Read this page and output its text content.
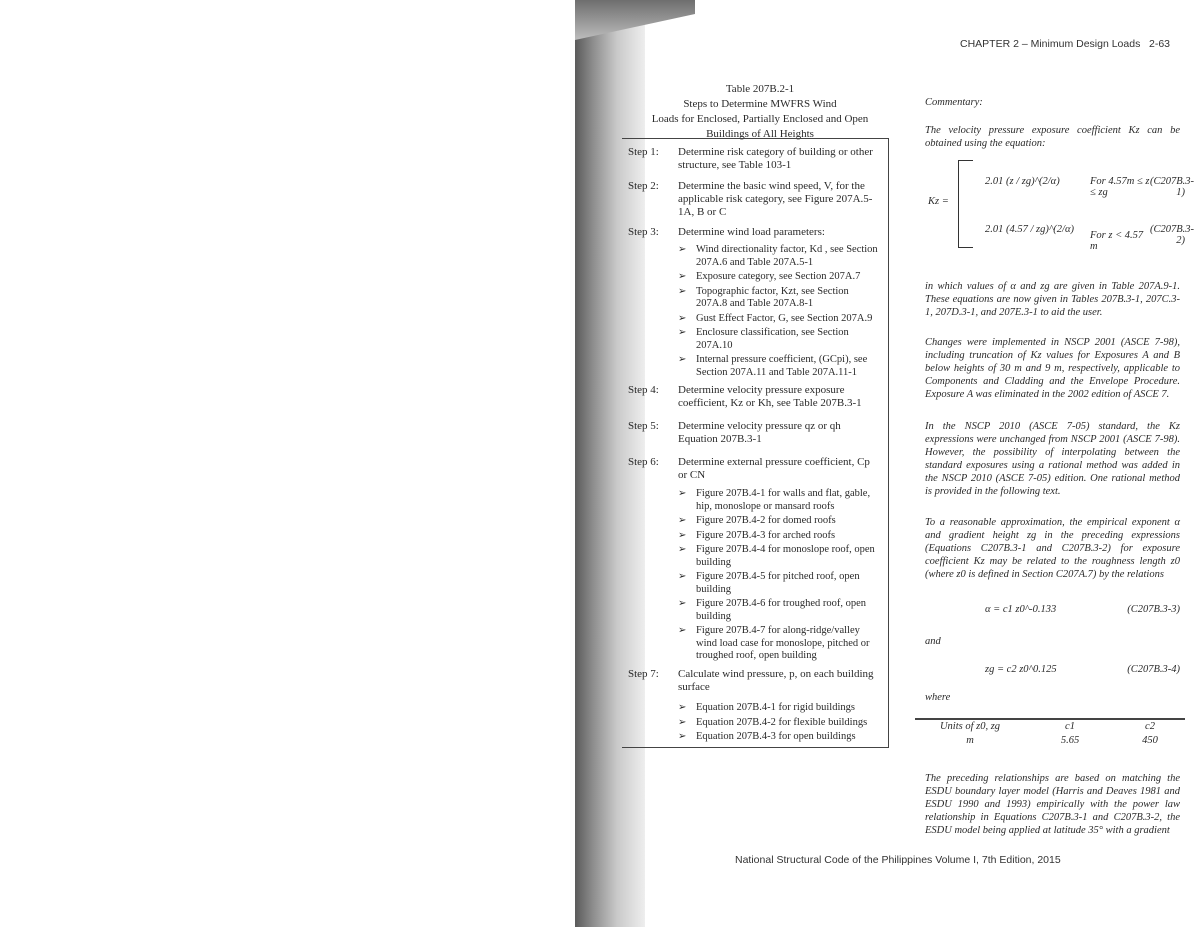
CHAPTER 2 – Minimum Design Loads 2-63
Table 207B.2-1
Steps to Determine MWFRS Wind
Loads for Enclosed, Partially Enclosed and Open
Buildings of All Heights
Step 1:	Determine risk category of building or other structure, see Table 103-1
Step 2:	Determine the basic wind speed, V, for the applicable risk category, see Figure 207A.5-1A, B or C
Step 3:	Determine wind load parameters:
➢ Wind directionality factor, Kd , see Section 207A.6 and Table 207A.5-1
➢ Exposure category, see Section 207A.7
➢ Topographic factor, Kzt, see Section 207A.8 and Table 207A.8-1
➢ Gust Effect Factor, G, see Section 207A.9
➢ Enclosure classification, see Section 207A.10
➢ Internal pressure coefficient, (GCpi), see Section 207A.11 and Table 207A.11-1
Step 4:	Determine velocity pressure exposure coefficient, Kz or Kh, see Table 207B.3-1
Step 5:	Determine velocity pressure qz or qh Equation 207B.3-1
Step 6:	Determine external pressure coefficient, Cp or CN
➢ Figure 207B.4-1 for walls and flat, gable, hip, monoslope or mansard roofs
➢ Figure 207B.4-2 for domed roofs
➢ Figure 207B.4-3 for arched roofs
➢ Figure 207B.4-4 for monoslope roof, open building
➢ Figure 207B.4-5 for pitched roof, open building
➢ Figure 207B.4-6 for troughed roof, open building
➢ Figure 207B.4-7 for along-ridge/valley wind load case for monoslope, pitched or troughed roof, open building
Step 7:	Calculate wind pressure, p, on each building surface
➢ Equation 207B.4-1 for rigid buildings
➢ Equation 207B.4-2 for flexible buildings
➢ Equation 207B.4-3 for open buildings
Commentary:
The velocity pressure exposure coefficient Kz can be obtained using the equation:
Kz =
2.01 (z / zg)^(2/α)	For 4.57m ≤ z ≤ zg
(C207B.3-1)
2.01 (4.57 / zg)^(2/α)
For z < 4.57 m
(C207B.3-2)
in which values of α and zg are given in Table 207A.9-1. These equations are now given in Tables 207B.3-1, 207C.3-1, 207D.3-1, and 207E.3-1 to aid the user.
Changes were implemented in NSCP 2001 (ASCE 7-98), including truncation of Kz values for Exposures A and B below heights of 30 m and 9 m, respectively, applicable to Components and Cladding and the Envelope Procedure. Exposure A was eliminated in the 2002 edition of ASCE 7.
In the NSCP 2010 (ASCE 7-05) standard, the Kz expressions were unchanged from NSCP 2001 (ASCE 7-98). However, the possibility of interpolating between the standard exposures using a rational method was added in the NSCP 2010 (ASCE 7-05) edition. One rational method is provided in the following text.
To a reasonable approximation, the empirical exponent α and gradient height zg in the preceding expressions (Equations C207B.3-1 and C207B.3-2) for exposure coefficient Kz may be related to the roughness length z0 (where z0 is defined in Section C207A.7) by the relations
α = c1 z0^-0.133	(C207B.3-3)
and
zg = c2 z0^0.125	(C207B.3-4)
where
Units of z0, zg	c1	c2
m	5.65	450
The preceding relationships are based on matching the ESDU boundary layer model (Harris and Deaves 1981 and ESDU 1990 and 1993) empirically with the power law relationship in Equations C207B.3-1 and C207B.3-2, the ESDU model being applied at latitude 35° with a gradient
National Structural Code of the Philippines Volume I, 7th Edition, 2015
